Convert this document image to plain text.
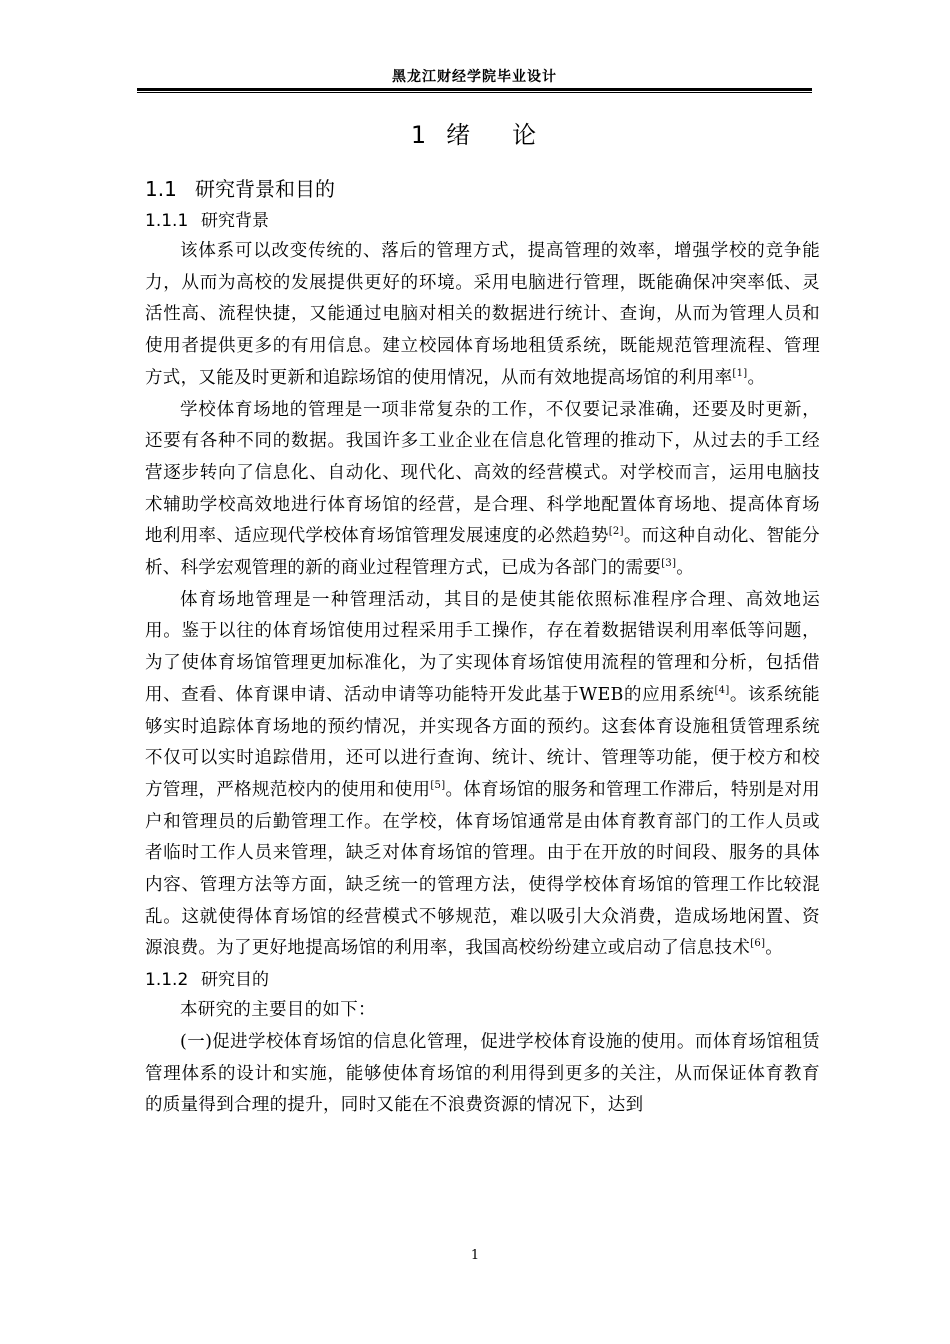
黑龙江财经学院毕业设计
1 绪 论
1.1 研究背景和目的
1.1.1 研究背景

该体系可以改变传统的、落后的管理方式，提高管理的效率，增强学校的竞争能力，从而为高校的发展提供更好的环境。采用电脑进行管理，既能确保冲突率低、灵活性高、流程快捷，又能通过电脑对相关的数据进行统计、查询，从而为管理人员和使用者提供更多的有用信息。建立校园体育场地租赁系统，既能规范管理流程、管理方式，又能及时更新和追踪场馆的使用情况，从而有效地提高场馆的利用率[1]。

学校体育场地的管理是一项非常复杂的工作，不仅要记录准确，还要及时更新，还要有各种不同的数据。我国许多工业企业在信息化管理的推动下，从过去的手工经营逐步转向了信息化、自动化、现代化、高效的经营模式。对学校而言，运用电脑技术辅助学校高效地进行体育场馆的经营，是合理、科学地配置体育场地、提高体育场地利用率、适应现代学校体育场馆管理发展速度的必然趋势[2]。而这种自动化、智能分析、科学宏观管理的新的商业过程管理方式，已成为各部门的需要[3]。

体育场地管理是一种管理活动，其目的是使其能依照标准程序合理、高效地运用。鉴于以往的体育场馆使用过程采用手工操作，存在着数据错误利用率低等问题，为了使体育场馆管理更加标准化，为了实现体育场馆使用流程的管理和分析，包括借用、查看、体育课申请、活动申请等功能特开发此基于WEB的应用系统[4]。该系统能够实时追踪体育场地的预约情况，并实现各方面的预约。这套体育设施租赁管理系统不仅可以实时追踪借用，还可以进行查询、统计、统计、管理等功能，便于校方和校方管理，严格规范校内的使用和使用[5]。体育场馆的服务和管理工作滞后，特别是对用户和管理员的后勤管理工作。在学校，体育场馆通常是由体育教育部门的工作人员或者临时工作人员来管理，缺乏对体育场馆的管理。由于在开放的时间段、服务的具体内容、管理方法等方面，缺乏统一的管理方法，使得学校体育场馆的管理工作比较混乱。这就使得体育场馆的经营模式不够规范，难以吸引大众消费，造成场地闲置、资源浪费。为了更好地提高场馆的利用率，我国高校纷纷建立或启动了信息技术[6]。

1.1.2 研究目的

本研究的主要目的如下：

(一)促进学校体育场馆的信息化管理，促进学校体育设施的使用。而体育场馆租赁管理体系的设计和实施，能够使体育场馆的利用得到更多的关注，从而保证体育教育的质量得到合理的提升，同时又能在不浪费资源的情况下，达到

1
